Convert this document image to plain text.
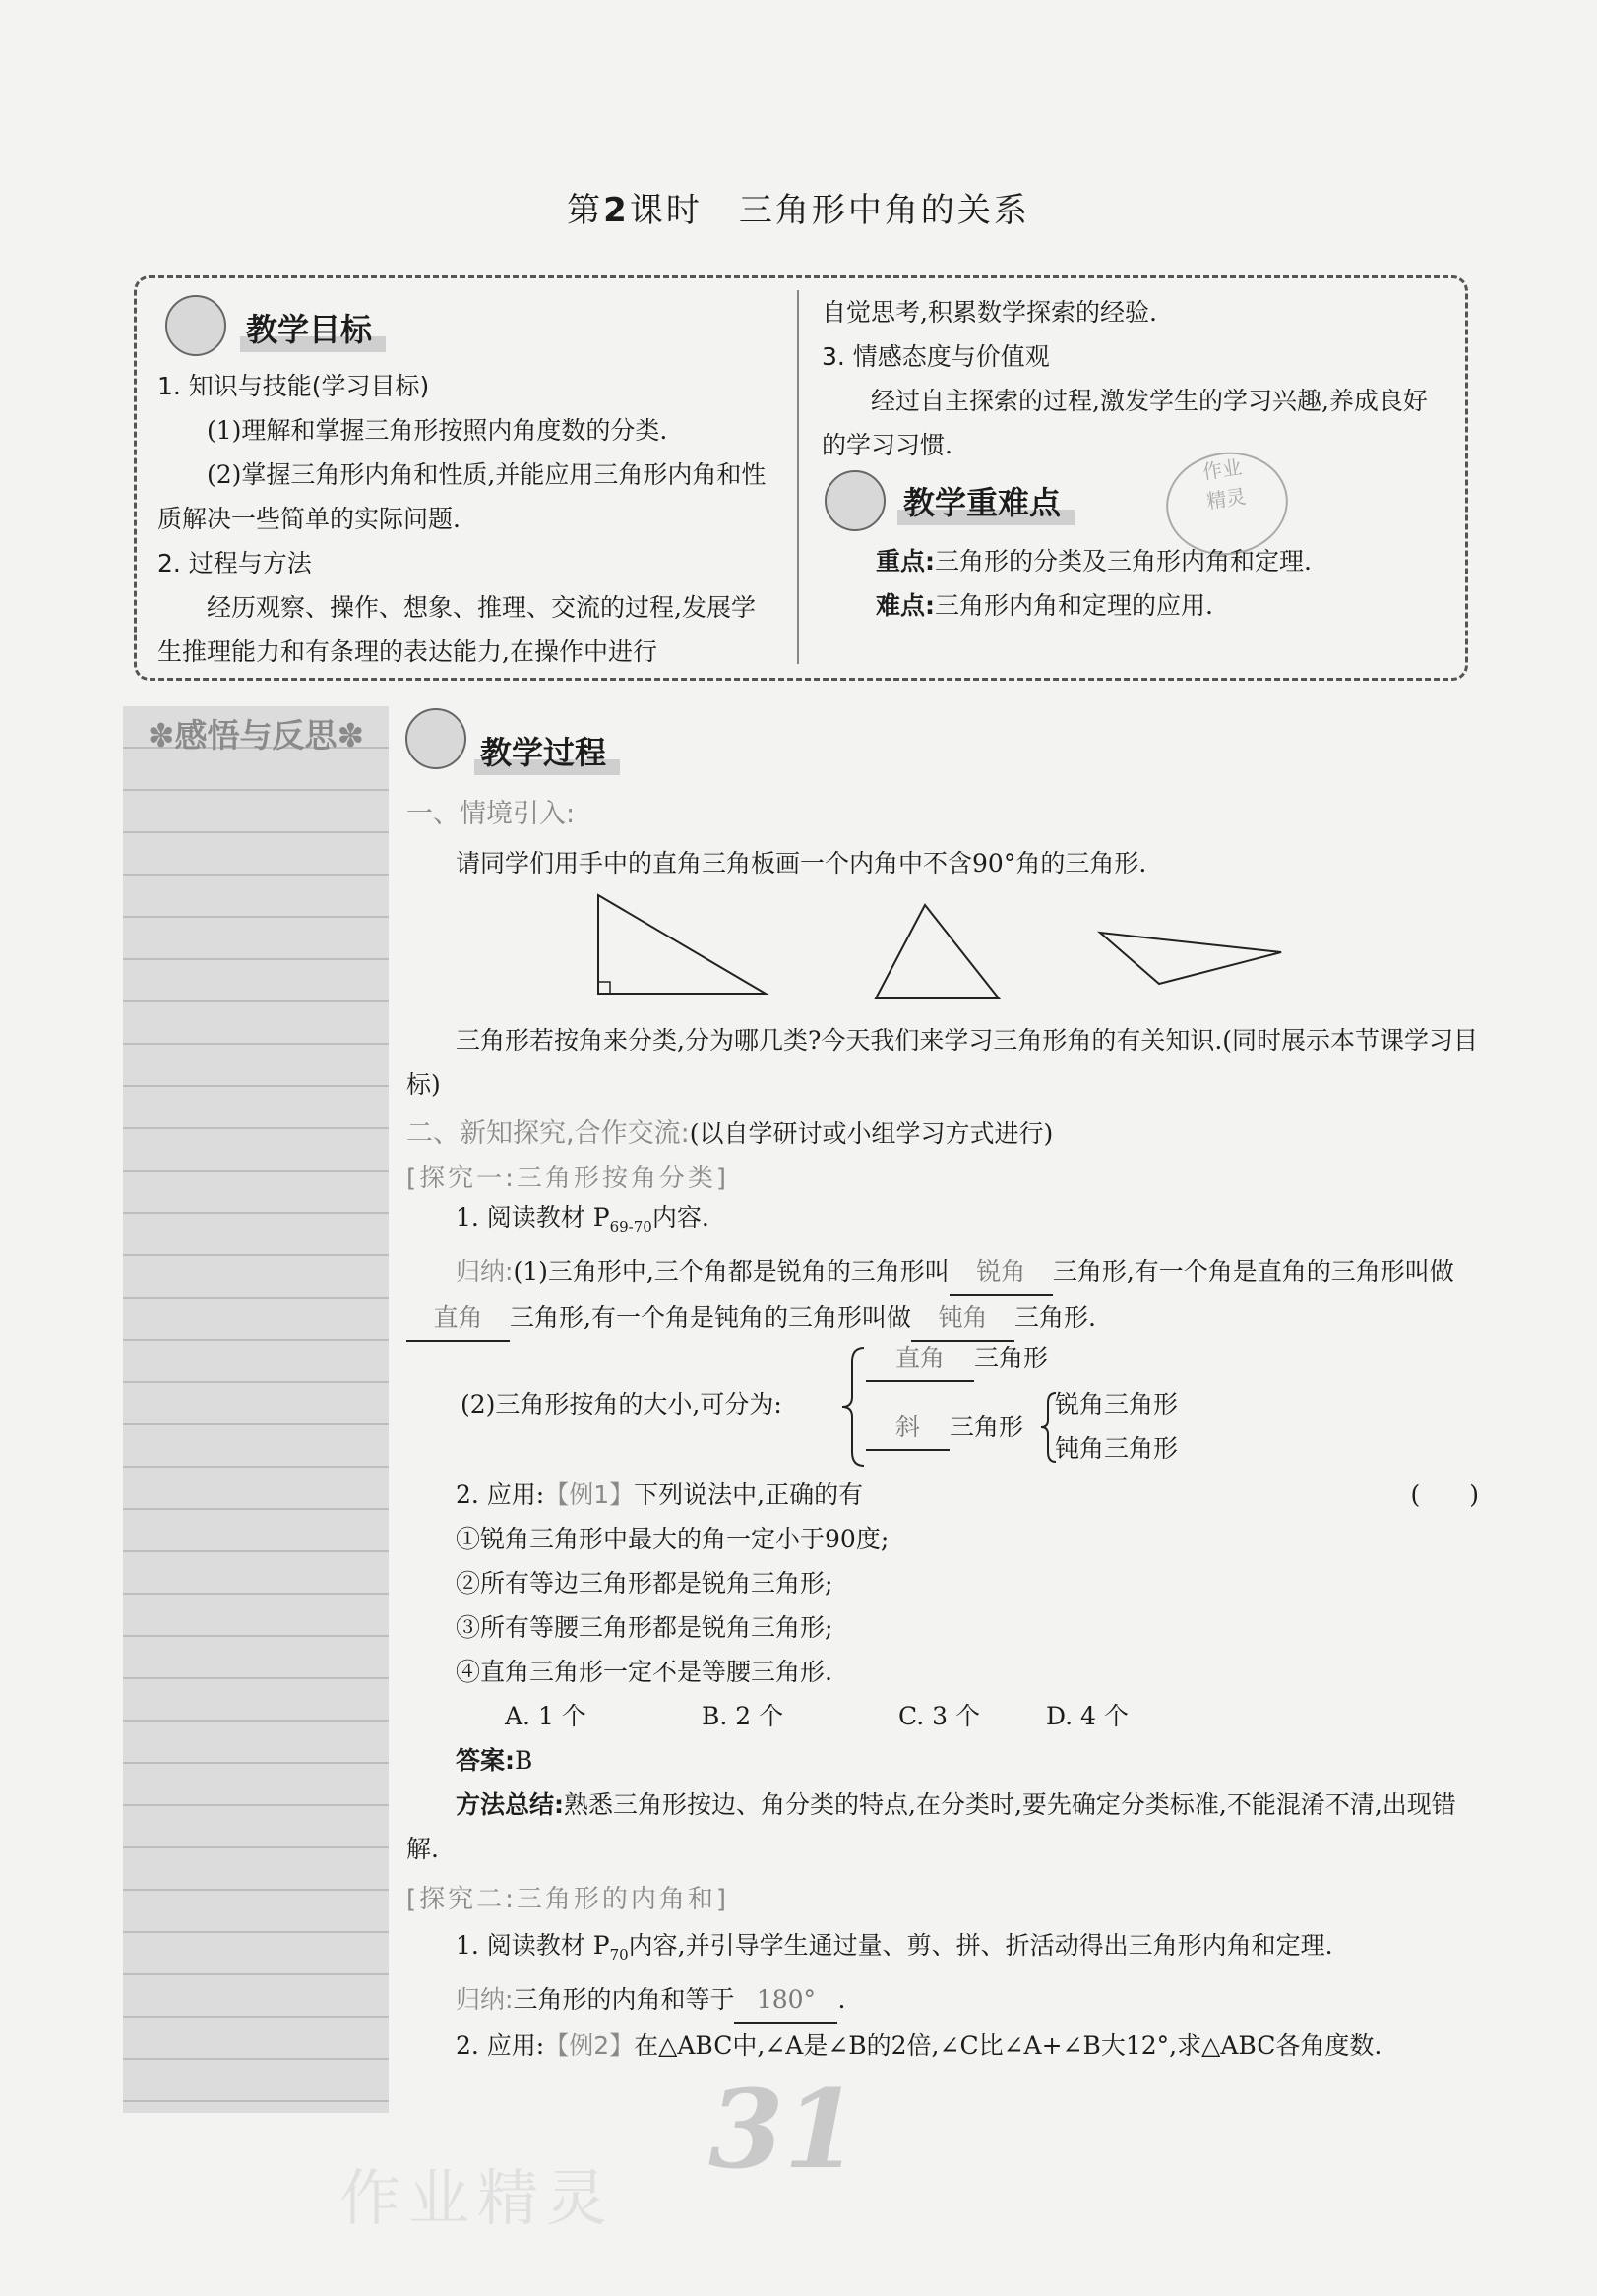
第2课时　三角形中角的关系
教学目标

1. 知识与技能(学习目标)

(1)理解和掌握三角形按照内角度数的分类.

(2)掌握三角形内角和性质,并能应用三角形内角和性质解决一些简单的实际问题.

2. 过程与方法

经历观察、操作、想象、推理、交流的过程,发展学生推理能力和有条理的表达能力,在操作中进行

自觉思考,积累数学探索的经验.

3. 情感态度与价值观

经过自主探索的过程,激发学生的学习兴趣,养成良好的学习习惯.

教学重难点
作业
精灵

重点:三角形的分类及三角形内角和定理.

难点:三角形内角和定理的应用.

✽感悟与反思✽	教学过程
一、情境引入:

请同学们用手中的直角三角板画一个内角中不含90°角的三角形.

三角形若按角来分类,分为哪几类?今天我们来学习三角形角的有关知识.(同时展示本节课学习目标)

二、新知探究,合作交流:(以自学研讨或小组学习方式进行)
[探究一:三角形按角分类]

1. 阅读教材 $P_{69-70}$内容.

归纳:(1)三角形中,三个角都是锐角的三角形叫 锐角 三角形,有一个角是直角的三角形叫做直角 三角形,有一个角是钝角的三角形叫做 钝角 三角形.

(2)三角形按角的大小,可分为:
直角 三角形
斜 三角形
锐角三角形
钝角三角形

2. 应用:【例1】下列说法中,正确的有	(　　)

①锐角三角形中最大的角一定小于90度;

②所有等边三角形都是锐角三角形;

③所有等腰三角形都是锐角三角形;

④直角三角形一定不是等腰三角形.

A. 1 个	B. 2 个	C. 3 个	D. 4 个

答案:B

方法总结:熟悉三角形按边、角分类的特点,在分类时,要先确定分类标准,不能混淆不清,出现错解.

[探究二:三角形的内角和]

1. 阅读教材 $P_{70}$内容,并引导学生通过量、剪、拼、折活动得出三角形内角和定理.

归纳:三角形的内角和等于 180° .

2. 应用:【例2】在△ABC中,∠A是∠B的2倍,∠C比∠A+∠B大12°,求△ABC各角度数.

31
作业精灵
